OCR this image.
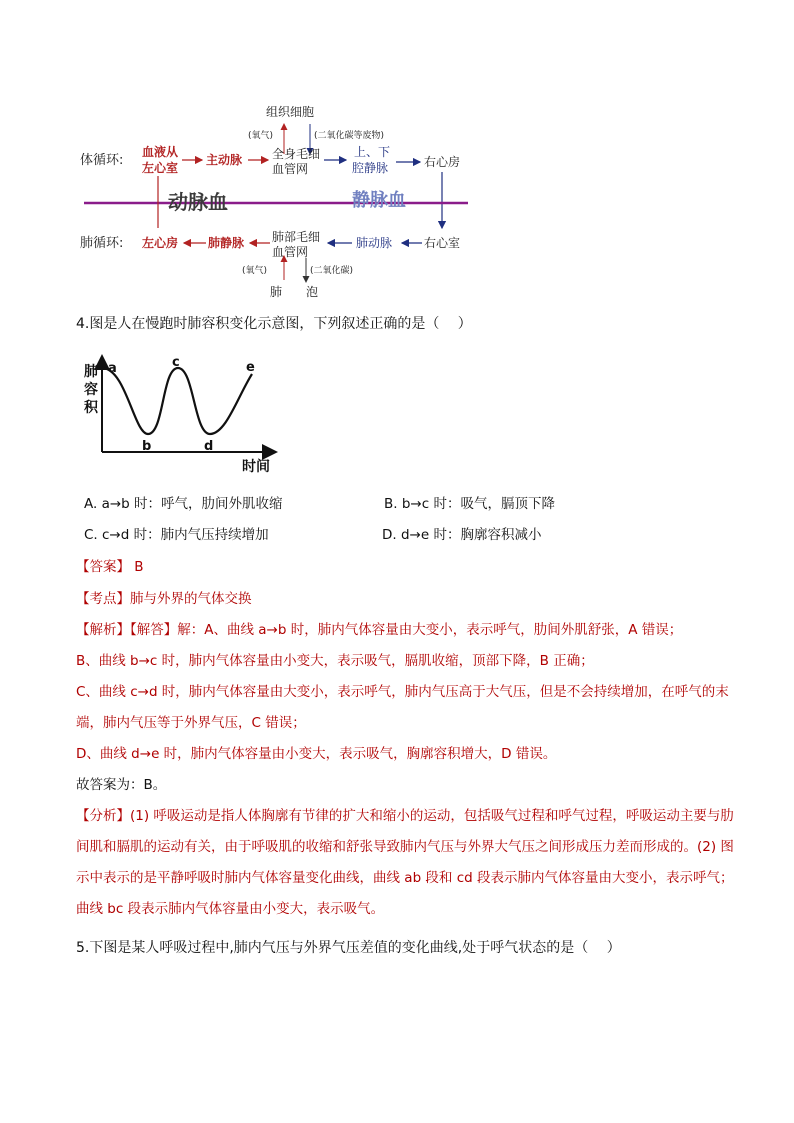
组织细胞
(氧气)	(二氧化碳等废物)
体循环:
血液从
左心室
主动脉 全身毛细
血管网
上、下
腔静脉	右心房
动脉血	静脉血
肺循环: 左心房 肺静脉 肺部毛细
血管网
肺动脉	右心室
(氧气)	(二氧化碳)
肺 泡
4.图是人在慢跑时肺容积变化示意图，下列叙述正确的是（　 ）
肺
容
积
a
b
c
d
e
时间
A. a→b 时：呼气，肋间外肌收缩	B. b→c 时：吸气，膈顶下降
C. c→d 时：肺内气压持续增加	D. d→e 时：胸廓容积减小
【答案】 B
【考点】肺与外界的气体交换

【解析】【解答】解：A、曲线 a→b 时，肺内气体容量由大变小，表示呼气，肋间外肌舒张，A 错误；

B、曲线 b→c 时，肺内气体容量由小变大，表示吸气，膈肌收缩，顶部下降，B 正确；

C、曲线 c→d 时，肺内气体容量由大变小，表示呼气，肺内气压高于大气压，但是不会持续增加，在呼气的末端，肺内气压等于外界气压，C 错误；

D、曲线 d→e 时，肺内气体容量由小变大，表示吸气，胸廓容积增大，D 错误。

故答案为：B。

【分析】(1) 呼吸运动是指人体胸廓有节律的扩大和缩小的运动，包括吸气过程和呼气过程，呼吸运动主要与肋间肌和膈肌的运动有关，由于呼吸肌的收缩和舒张导致肺内气压与外界大气压之间形成压力差而形成的。(2) 图示中表示的是平静呼吸时肺内气体容量变化曲线，曲线 ab 段和 cd 段表示肺内气体容量由大变小，表示呼气；曲线 bc 段表示肺内气体容量由小变大，表示吸气。

5.下图是某人呼吸过程中,肺内气压与外界气压差值的变化曲线,处于呼气状态的是（　 ）
